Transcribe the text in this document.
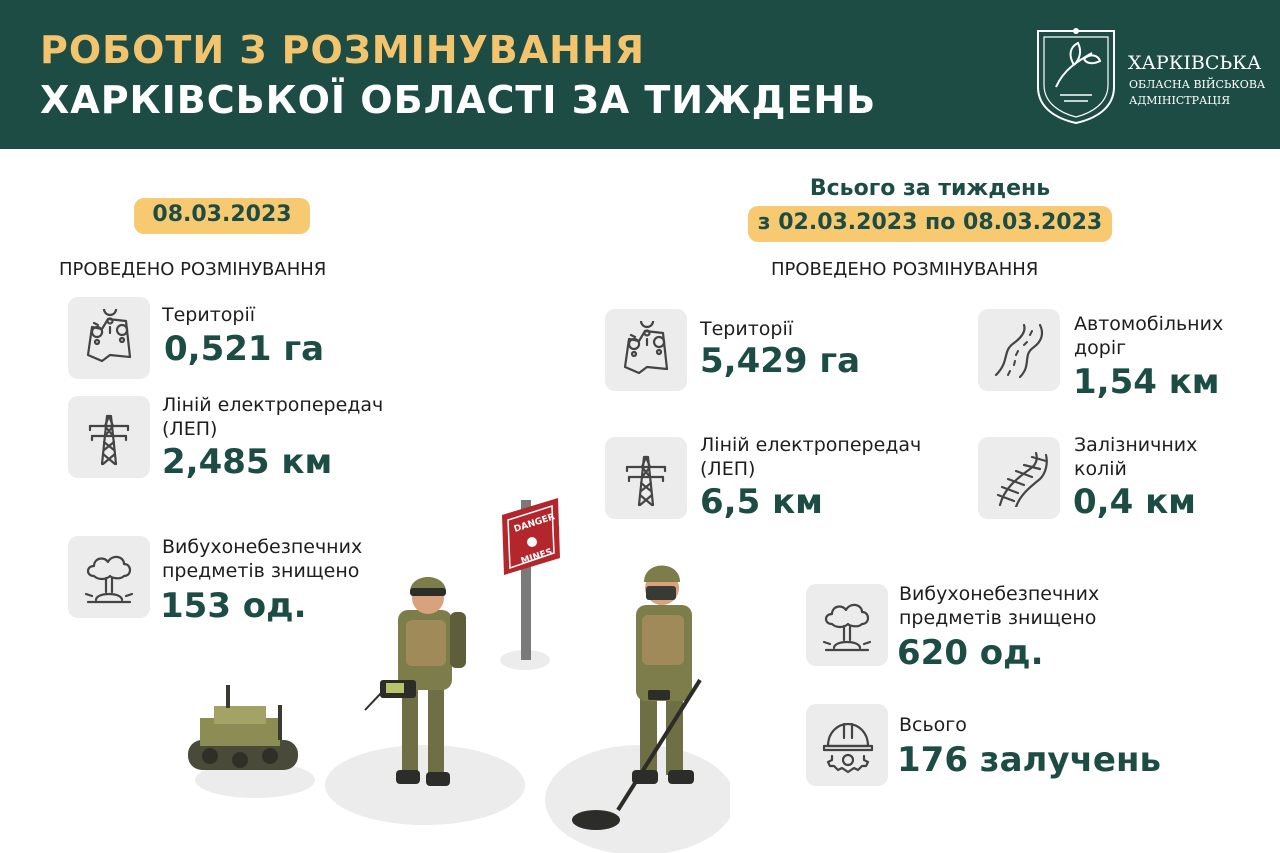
РОБОТИ З РОЗМІНУВАННЯ
ХАРКІВСЬКОЇ ОБЛАСТІ ЗА ТИЖДЕНЬ
ХАРКІВСЬКА
ОБЛАСНА ВІЙСЬКОВА
АДМІНІСТРАЦІЯ
08.03.2023
ПРОВЕДЕНО РОЗМІНУВАННЯ
Території
0,521 га
Ліній електропередач
(ЛЕП)
2,485 км
Вибухонебезпечних
предметів знищено
153 од.
Всього за тиждень
з 02.03.2023 по 08.03.2023
ПРОВЕДЕНО РОЗМІНУВАННЯ
Території
5,429 га
Автомобільних
доріг
1,54 км
Ліній електропередач
(ЛЕП)
6,5 км
Залізничних
колій
0,4 км
Вибухонебезпечних
предметів знищено
620 од.
Всього
176 залучень
DANGER
MINES
